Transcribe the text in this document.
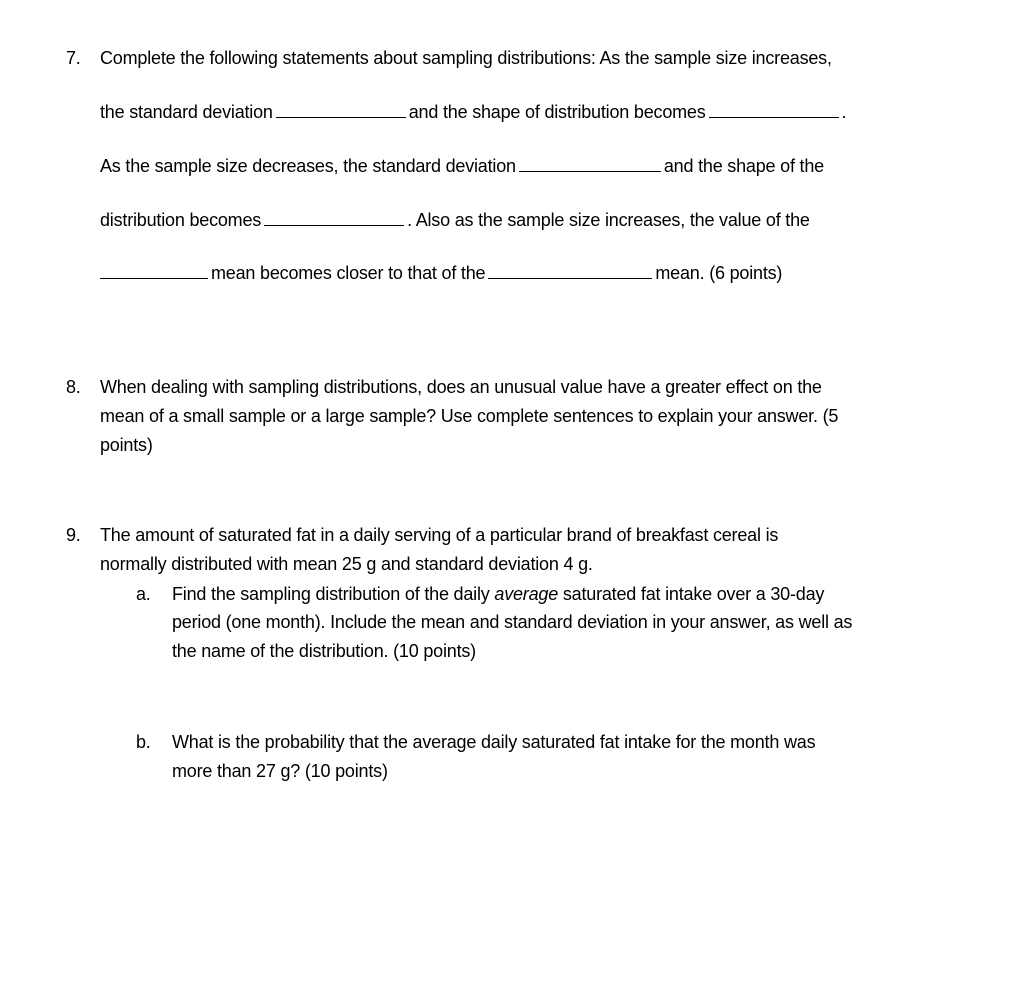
7. Complete the following statements about sampling distributions: As the sample size increases,
the standard deviation	and the shape of distribution becomes	.
As the sample size decreases, the standard deviation	and the shape of the
distribution becomes	. Also as the sample size increases, the value of the
mean becomes closer to that of the	mean. (6 points)
8. When dealing with sampling distributions, does an unusual value have a greater effect on the
mean of a small sample or a large sample? Use complete sentences to explain your answer. (5
points)
9. The amount of saturated fat in a daily serving of a particular brand of breakfast cereal is
normally distributed with mean 25 g and standard deviation 4 g.
a. Find the sampling distribution of the daily average saturated fat intake over a 30-day
period (one month). Include the mean and standard deviation in your answer, as well as
the name of the distribution. (10 points)
b. What is the probability that the average daily saturated fat intake for the month was
more than 27 g? (10 points)
